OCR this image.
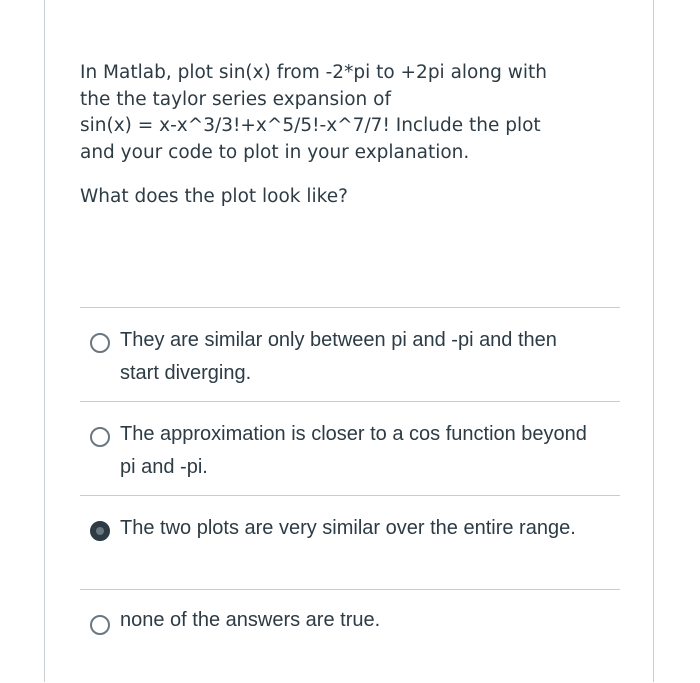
In Matlab, plot sin(x) from -2*pi to +2pi along with

the the taylor series expansion of

sin(x) = x-x^3/3!+x^5/5!-x^7/7! Include the plot

and your code to plot in your explanation.

What does the plot look like?

They are similar only between pi and -pi and then start diverging.
The approximation is closer to a cos function beyond pi and -pi.
The two plots are very similar over the entire range.
none of the answers are true.
